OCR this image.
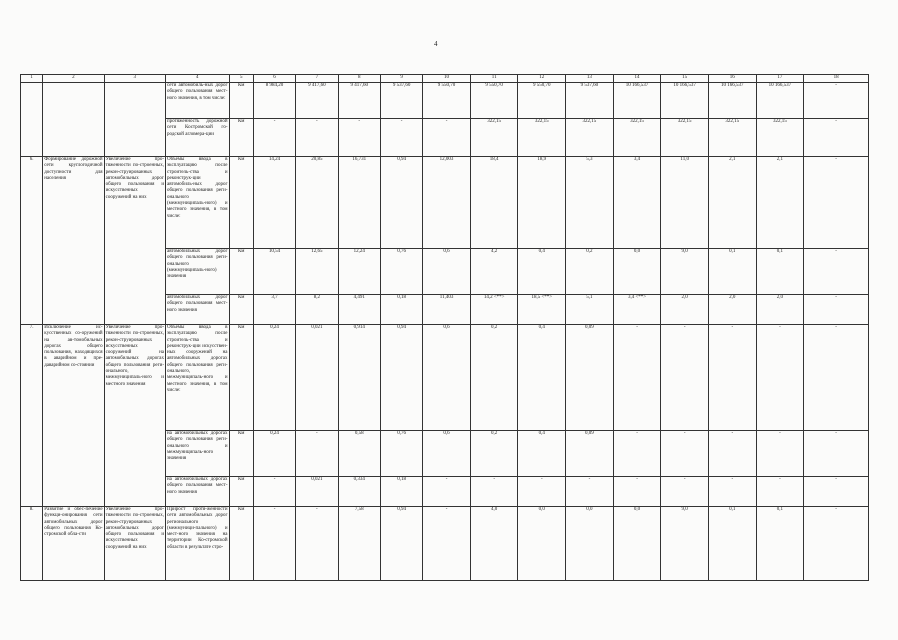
4
1	2	3	4	5	6	7	8	9	10	11	12	13	14	15	16	17	18
			сети автомобиль-ных дорог общего пользования мест-ного значения, в том числе:	Км	8 984,20	9 417,60	9 417,60	9 537,60	9 550,70	9 550,70	9 550,70	9 537,60	10 166,537	10 166,537	10 166,537	10 166,537	-
			протяженность дорожной сети Костромской го-родской агломера-ции	Км	-	-	-	-	-	322,15	322,15	322,15	322,15	322,15	322,15	322,15	-
6.	Формирование дорожной сети круглогодичной доступности для населения	Увеличение про-тяженности по-строенных, рекон-струированных автомобильных дорог общего пользования и искусственных сооружений на них	Объемы ввода в эксплуатацию после строитель-ства и реконструк-ции автомобиль-ных дорог общего пользования реги-онального (межмуниципаль-ного) и местного значения, в том числе:	Км	14,24	20,85	16,731	0,94	12,003	18,4	18,9	5,3	3,4	11,0	2,1	2,1	-
			автомобильных дорог общего пользования реги-онального (межмуниципаль-ного) значения	Км	10,54	12,65	12,24	0,76	0,6	4,2	0,4	0,2	0,0	9,0	0,1	0,1	-
			автомобильных дорог общего пользования мест-ного значения	Км	3,7	8,2	4,491	0,18	11,403	14,2 <**>	18,5 <**>	5,1	3,4 <**>	2,0	2,0	2,0	-
7.	Исключение ис-кусственных со-оружений на ав-томобильных дорогах общего пользования, находящихся в аварийном и пре-даварийном со-стоянии	Увеличение про-тяженности по-строенных, рекон-струированных искусственных сооружений на автомобильных дорогах общего пользования реги-онального, межмуниципаль-ного и местного значения	Объемы ввода в эксплуатацию после строитель-ства и реконструк-ции искусствен-ных сооружений на автомобильных дорогах общего пользования реги-онального, межмуниципаль-ного и местного значения, в том числе:	Км	0,24	0,021	0,914	0,94	0,6	0,2	0,4	0,09	-	-	-	-	-
			на автомобильных дорогах общего пользования реги-онального и межмуниципаль-ного значения	Км	0,24	-	0,58	0,76	0,6	0,2	0,4	0,09	-	-	-	-	-
			на автомобильных дорогах общего пользования мест-ного значения	Км	-	0,021	0,334	0,18	-	-	-	-	-	-	-	-	-
8.	Развитие и обес-печение функци-онирования сети автомобильных дорог общего пользования Ко-стромской обла-сти	Увеличение про-тяженности по-строенных, рекон-струированных автомобильных дорог общего пользования и искусственных сооружений на них	Прирост протя-женности сети автомобильных дорог регионального (межмуници-пального) и мест-ного значения на территории Ко-стромской области в результате стро-	Км	-	-	7,58	0,94	-	4,0	0,0	0,0	0,0	9,0	0,1	0,1	-
